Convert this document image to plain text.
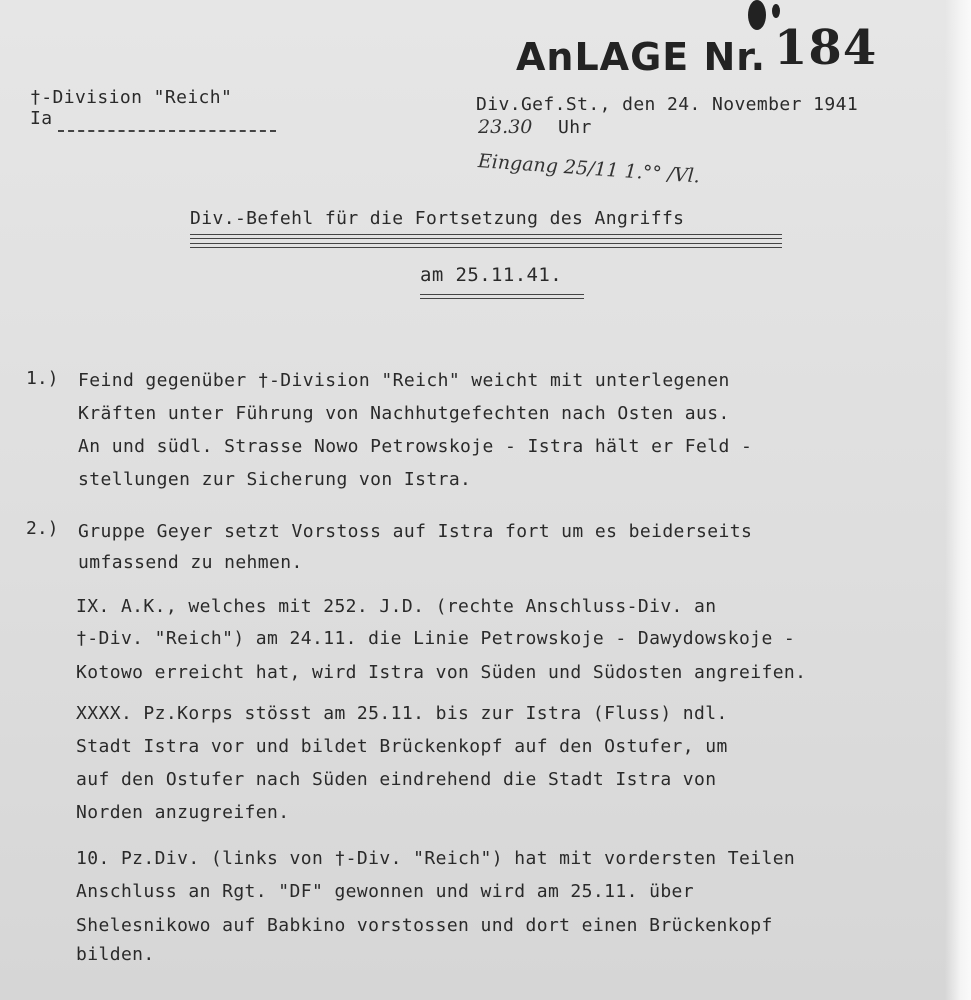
AnLAGE Nr. 184
†-Division "Reich"
Ia
Div.Gef.St., den 24. November 1941
23.30 Uhr
Eingang 25/11 1.°° /Vl.
Div.-Befehl für die Fortsetzung des Angriffs
am 25.11.41.
1.) Feind gegenüber †-Division "Reich" weicht mit unterlegenen
Kräften unter Führung von Nachhutgefechten nach Osten aus.
An und südl. Strasse Nowo Petrowskoje - Istra hält er Feld -
stellungen zur Sicherung von Istra.
2.) Gruppe Geyer setzt Vorstoss auf Istra fort um es beiderseits
umfassend zu nehmen.
IX. A.K., welches mit 252. J.D. (rechte Anschluss-Div. an
†-Div. "Reich") am 24.11. die Linie Petrowskoje - Dawydowskoje -
Kotowo erreicht hat, wird Istra von Süden und Südosten angreifen.
XXXX. Pz.Korps stösst am 25.11. bis zur Istra (Fluss) ndl.
Stadt Istra vor und bildet Brückenkopf auf den Ostufer, um
auf den Ostufer nach Süden eindrehend die Stadt Istra von
Norden anzugreifen.
10. Pz.Div. (links von †-Div. "Reich") hat mit vordersten Teilen
Anschluss an Rgt. "DF" gewonnen und wird am 25.11. über
Shelesnikowo auf Babkino vorstossen und dort einen Brückenkopf
bilden.
